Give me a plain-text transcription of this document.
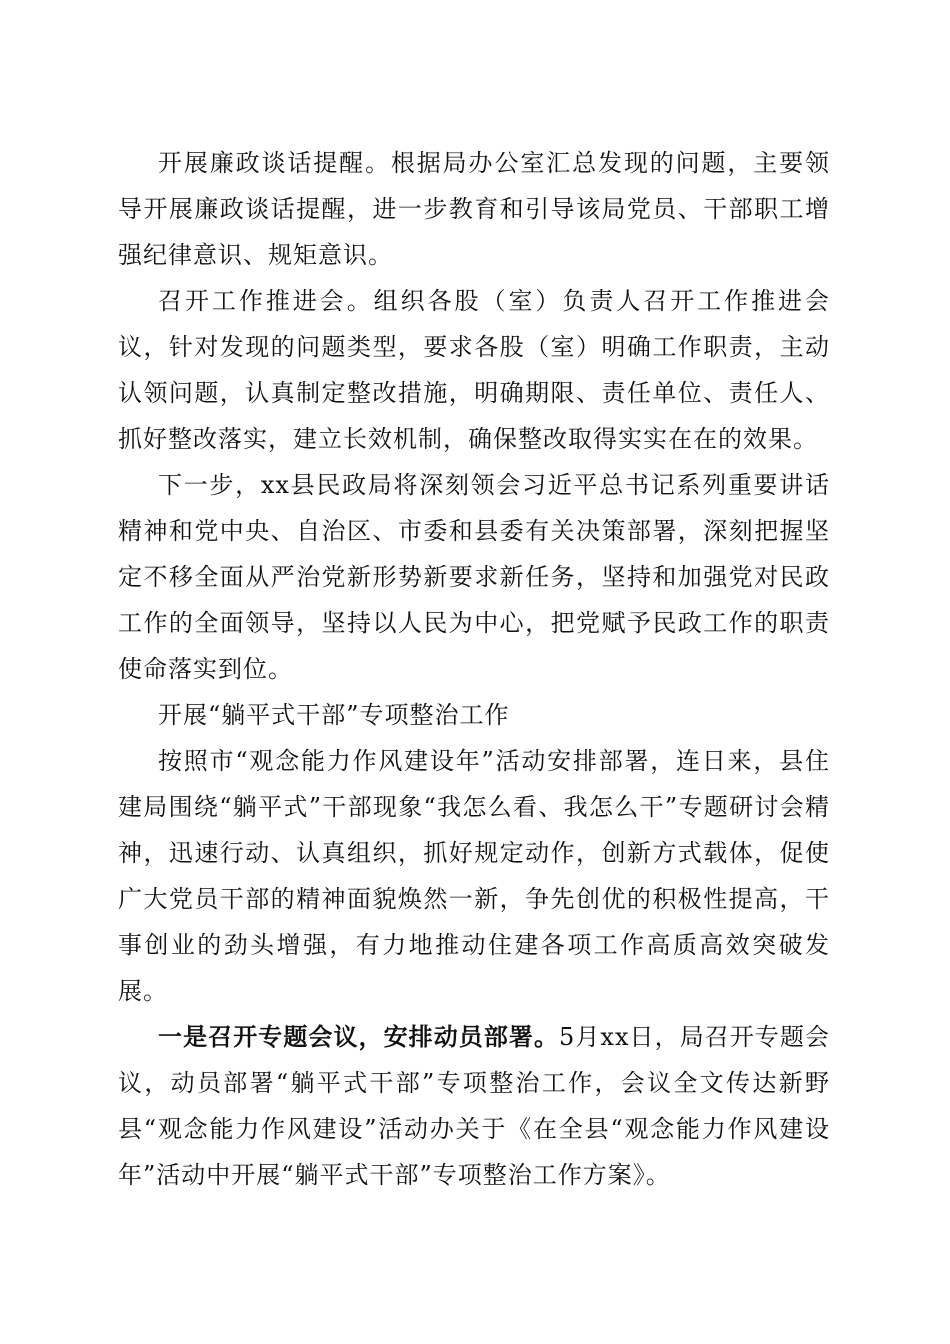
开展廉政谈话提醒。根据局办公室汇总发现的问题，主要领导开展廉政谈话提醒，进一步教育和引导该局党员、干部职工增强纪律意识、规矩意识。

召开工作推进会。组织各股（室）负责人召开工作推进会议，针对发现的问题类型，要求各股（室）明确工作职责，主动认领问题，认真制定整改措施，明确期限、责任单位、责任人、抓好整改落实，建立长效机制，确保整改取得实实在在的效果。

下一步，xx县民政局将深刻领会习近平总书记系列重要讲话精神和党中央、自治区、市委和县委有关决策部署，深刻把握坚定不移全面从严治党新形势新要求新任务，坚持和加强党对民政工作的全面领导，坚持以人民为中心，把党赋予民政工作的职责使命落实到位。

开展“躺平式干部”专项整治工作

按照市“观念能力作风建设年”活动安排部署，连日来，县住建局围绕“躺平式”干部现象“我怎么看、我怎么干”专题研讨会精神，迅速行动、认真组织，抓好规定动作，创新方式载体，促使广大党员干部的精神面貌焕然一新，争先创优的积极性提高，干事创业的劲头增强，有力地推动住建各项工作高质高效突破发展。

一是召开专题会议，安排动员部署。5月xx日，局召开专题会议，动员部署“躺平式干部”专项整治工作，会议全文传达新野县“观念能力作风建设”活动办关于《在全县“观念能力作风建设年”活动中开展“躺平式干部”专项整治工作方案》。
